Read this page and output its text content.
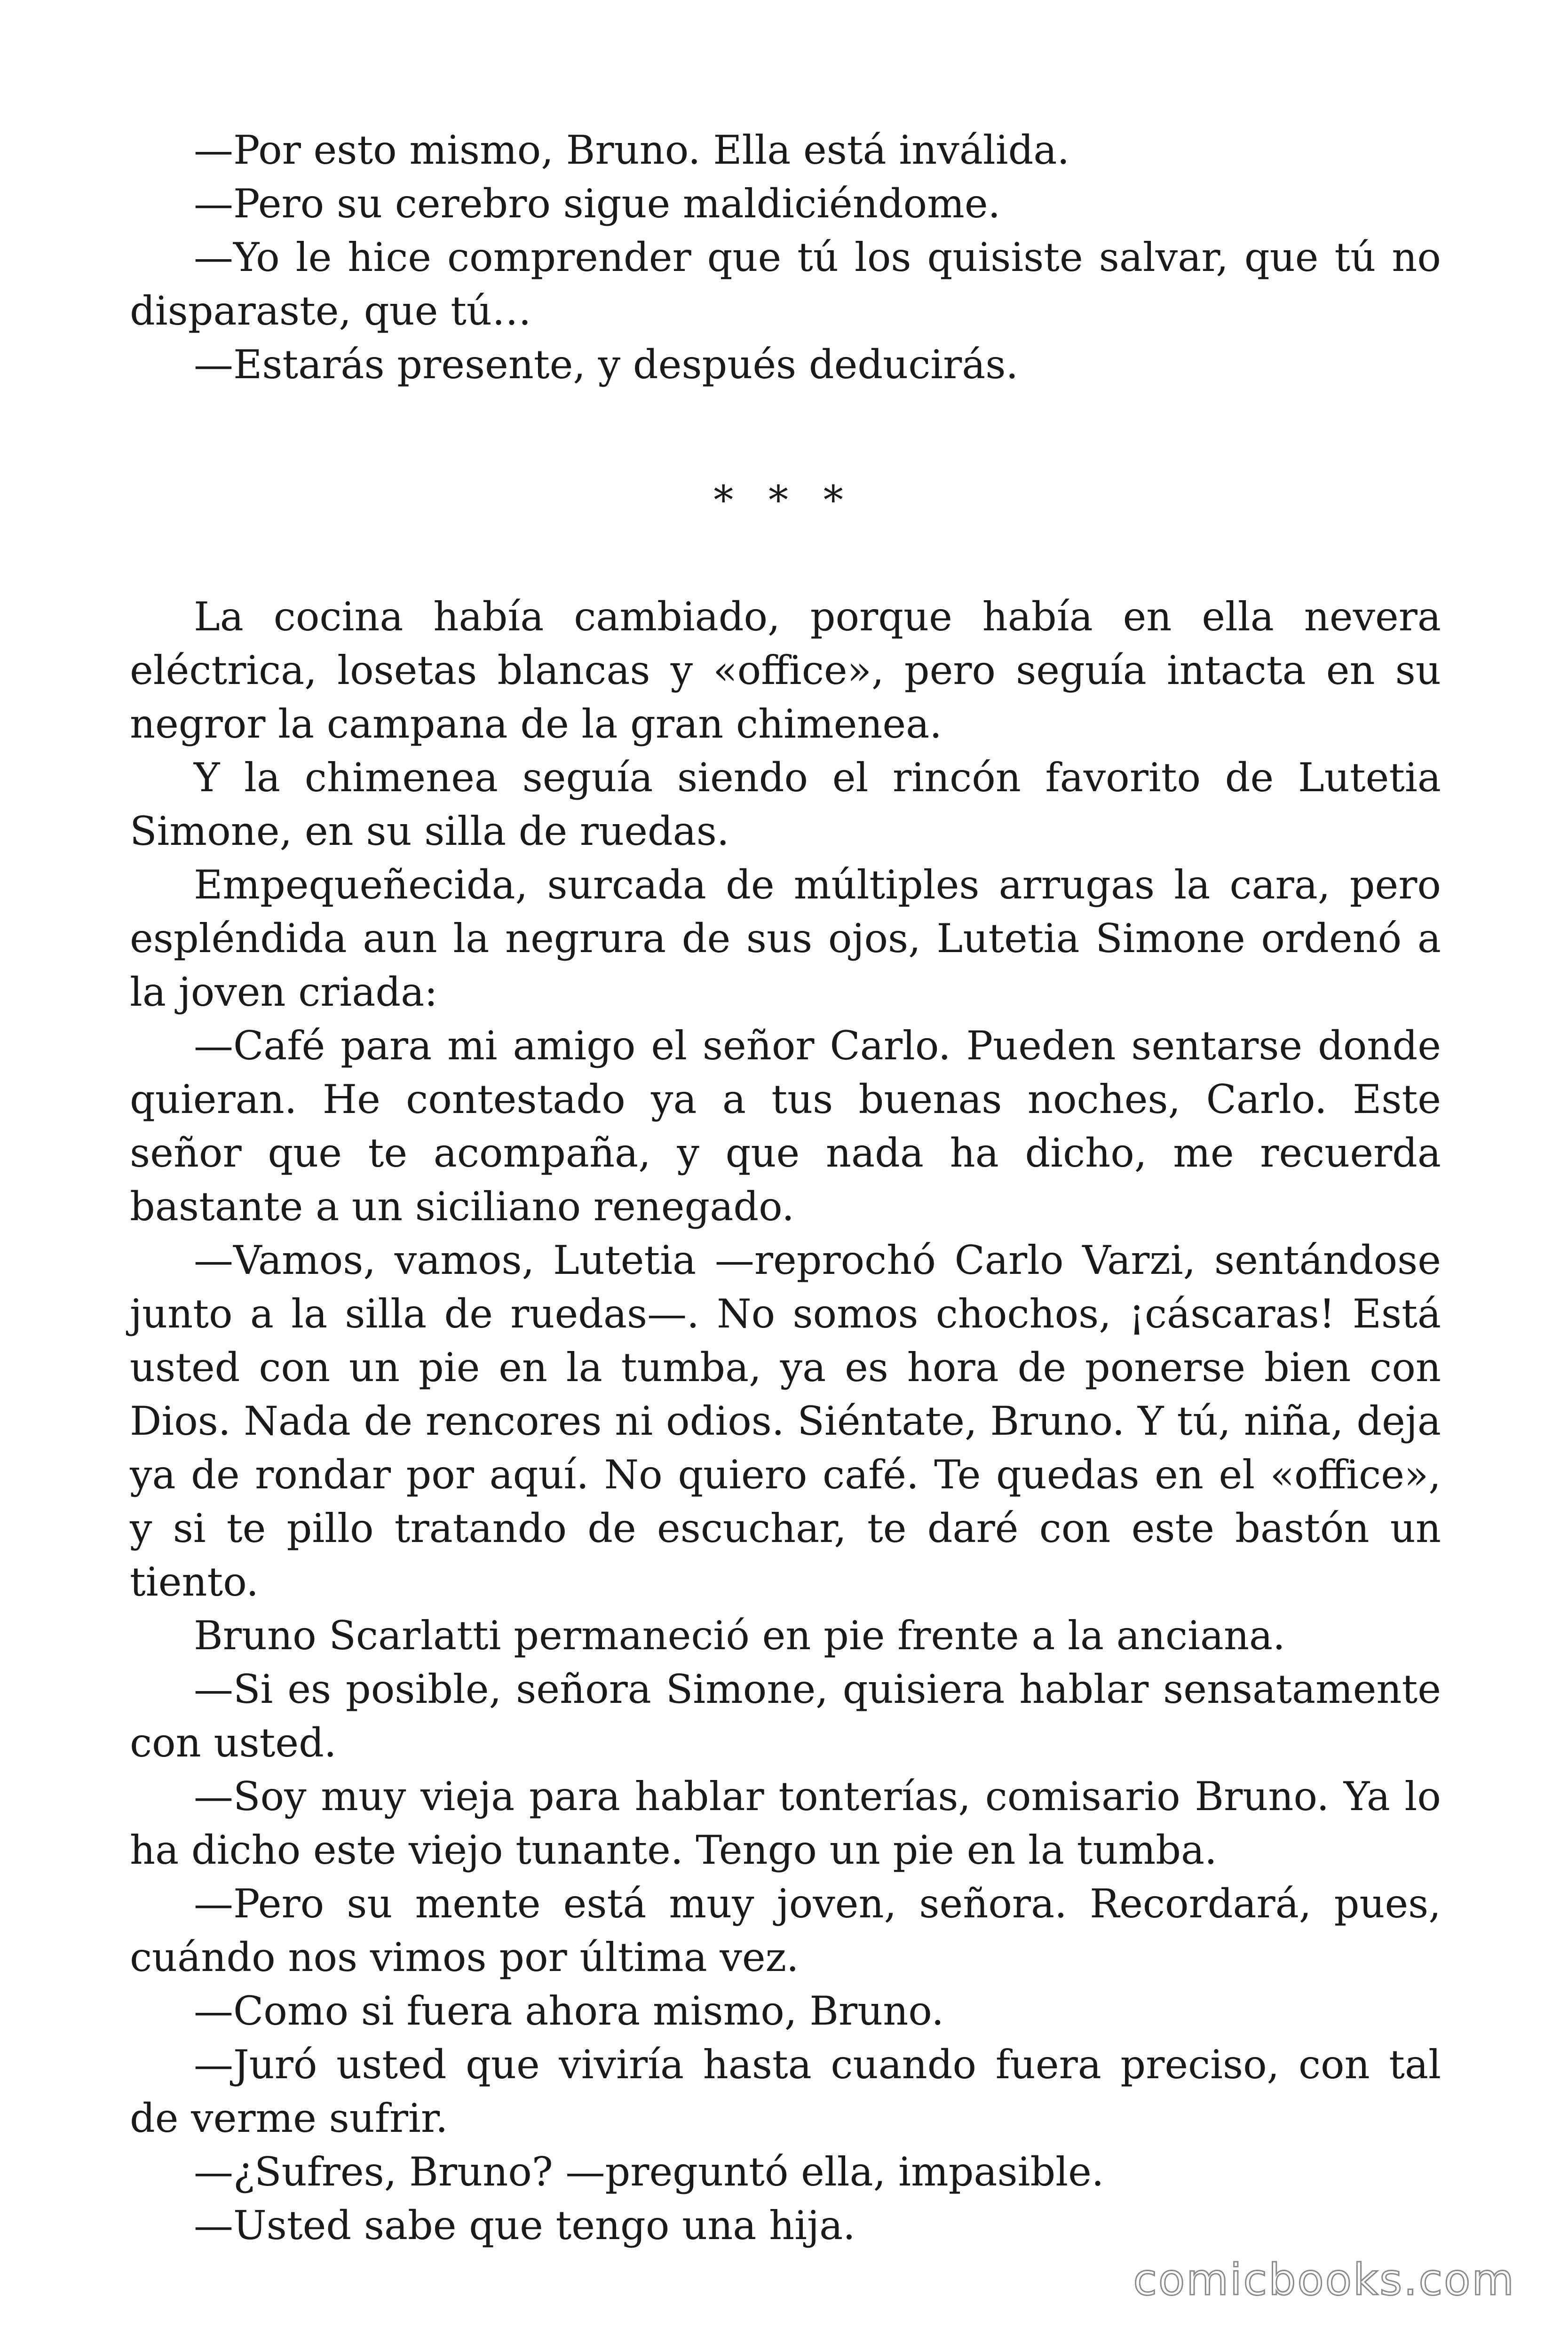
—Por esto mismo, Bruno. Ella está inválida.

—Pero su cerebro sigue maldiciéndome.

—Yo le hice comprender que tú los quisiste salvar, que tú no disparaste, que tú…

—Estarás presente, y después deducirás.

* * *

La cocina había cambiado, porque había en ella nevera eléctrica, losetas blancas y «office», pero seguía intacta en su negror la campana de la gran chimenea.

Y la chimenea seguía siendo el rincón favorito de Lutetia Simone, en su silla de ruedas.

Empequeñecida, surcada de múltiples arrugas la cara, pero espléndida aun la negrura de sus ojos, Lutetia Simone ordenó a la joven criada:

—Café para mi amigo el señor Carlo. Pueden sentarse donde quieran. He contestado ya a tus buenas noches, Carlo. Este señor que te acompaña, y que nada ha dicho, me recuerda bastante a un siciliano renegado.

—Vamos, vamos, Lutetia —reprochó Carlo Varzi, sentándose junto a la silla de ruedas—. No somos chochos, ¡cáscaras! Está usted con un pie en la tumba, ya es hora de ponerse bien con Dios. Nada de rencores ni odios. Siéntate, Bruno. Y tú, niña, deja ya de rondar por aquí. No quiero café. Te quedas en el «office», y si te pillo tratando de escuchar, te daré con este bastón un tiento.

Bruno Scarlatti permaneció en pie frente a la anciana.

—Si es posible, señora Simone, quisiera hablar sensatamente con usted.

—Soy muy vieja para hablar tonterías, comisario Bruno. Ya lo ha dicho este viejo tunante. Tengo un pie en la tumba.

—Pero su mente está muy joven, señora. Recordará, pues, cuándo nos vimos por última vez.

—Como si fuera ahora mismo, Bruno.

—Juró usted que viviría hasta cuando fuera preciso, con tal de verme sufrir.

—¿Sufres, Bruno? —preguntó ella, impasible.

—Usted sabe que tengo una hija.

comicbooks.com
